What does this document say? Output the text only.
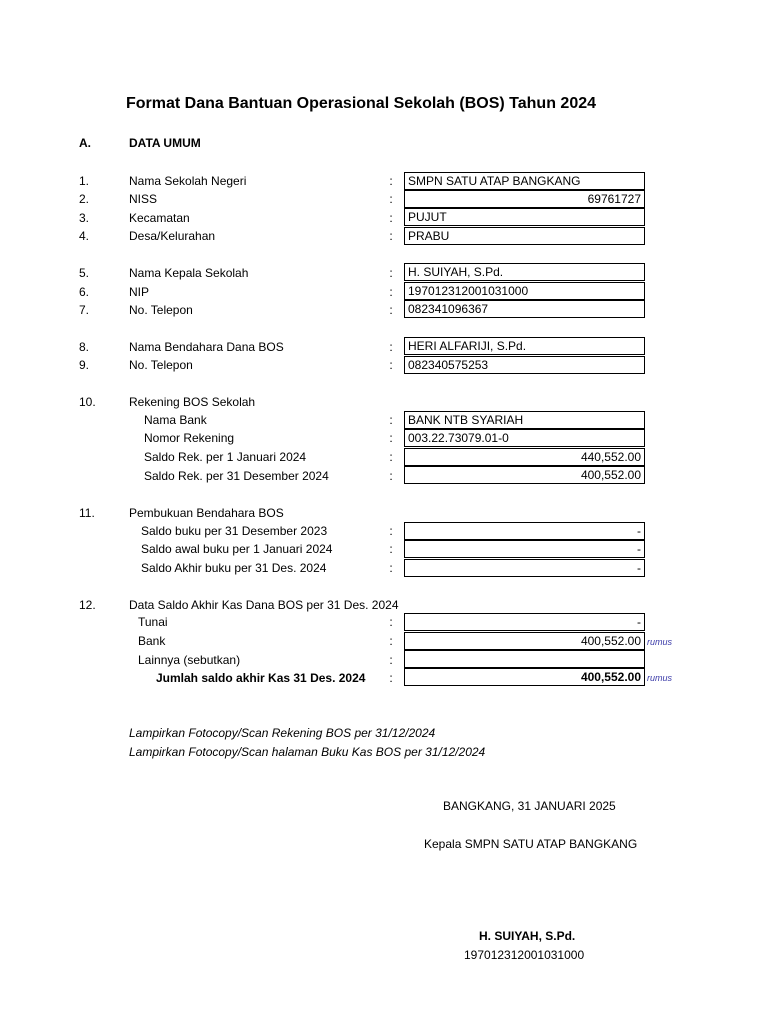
Format Dana Bantuan Operasional Sekolah (BOS) Tahun 2024
A.	DATA UMUM
1.	Nama Sekolah Negeri	:	SMPN SATU ATAP BANGKANG
2.	NISS	:	69761727
3.	Kecamatan	:	PUJUT
4.	Desa/Kelurahan	:	PRABU
5.	Nama Kepala Sekolah	:	H. SUIYAH, S.Pd.
6.	NIP	:	197012312001031000
7.	No. Telepon	:	082341096367
8.	Nama Bendahara Dana BOS	:	HERI ALFARIJI, S.Pd.
9.	No. Telepon	:	082340575253
10.	Rekening BOS Sekolah
Nama Bank	:	BANK NTB SYARIAH
Nomor Rekening	:	003.22.73079.01-0
Saldo Rek. per 1 Januari 2024	:	440,552.00
Saldo Rek. per 31 Desember 2024	:	400,552.00
11.	Pembukuan Bendahara BOS
Saldo buku per 31 Desember 2023	:	-
Saldo awal buku per 1 Januari 2024	:	-
Saldo Akhir buku per 31 Des. 2024	:	-
12.	Data Saldo Akhir Kas Dana BOS per 31 Des. 2024
Tunai	:	-
Bank	:	400,552.00 rumus
Lainnya (sebutkan)	:
Jumlah saldo akhir Kas 31 Des. 2024 :	400,552.00 rumus
Lampirkan Fotocopy/Scan Rekening BOS per 31/12/2024
Lampirkan Fotocopy/Scan halaman Buku Kas BOS per 31/12/2024
BANGKANG, 31 JANUARI 2025
Kepala SMPN SATU ATAP BANGKANG
H. SUIYAH, S.Pd.
197012312001031000
